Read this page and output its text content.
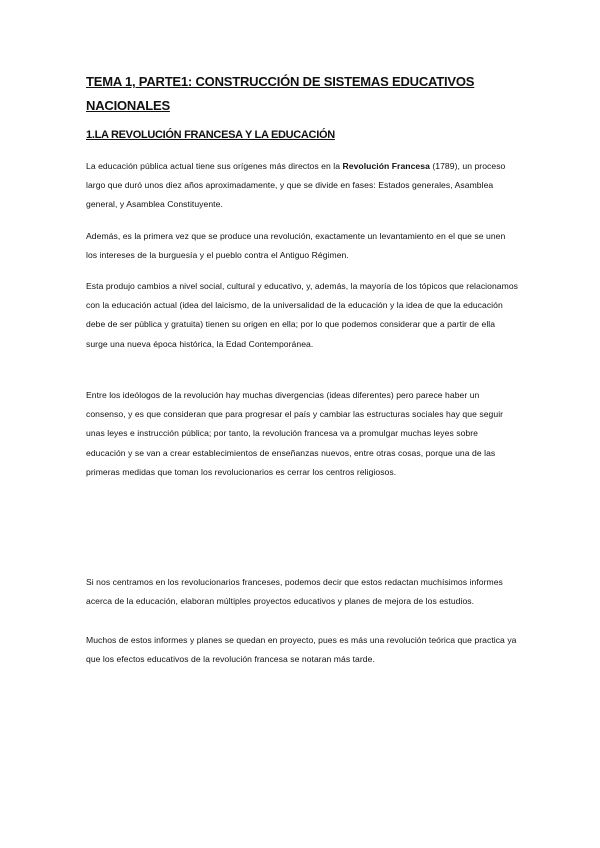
TEMA 1, PARTE1: CONSTRUCCIÓN DE SISTEMAS EDUCATIVOS NACIONALES
1.LA REVOLUCIÓN FRANCESA Y LA EDUCACIÓN

La educación pública actual tiene sus orígenes más directos en la Revolución Francesa (1789), un proceso largo que duró unos diez años aproximadamente, y que se divide en fases: Estados generales, Asamblea general, y Asamblea Constituyente.

Además, es la primera vez que se produce una revolución, exactamente un levantamiento en el que se unen los intereses de la burguesía y el pueblo contra el Antiguo Régimen.

Esta produjo cambios a nivel social, cultural y educativo, y, además, la mayoría de los tópicos que relacionamos con la educación actual (idea del laicismo, de la universalidad de la educación y la idea de que la educación debe de ser pública y gratuita) tienen su origen en ella; por lo que podemos considerar que a partir de ella surge una nueva época histórica, la Edad Contemporánea.

Entre los ideólogos de la revolución hay muchas divergencias (ideas diferentes) pero parece haber un consenso, y es que consideran que para progresar el país y cambiar las estructuras sociales hay que seguir unas leyes e instrucción pública; por tanto, la revolución francesa va a promulgar muchas leyes sobre educación y se van a crear establecimientos de enseñanzas nuevos, entre otras cosas, porque una de las primeras medidas que toman los revolucionarios es cerrar los centros religiosos.

Si nos centramos en los revolucionarios franceses, podemos decir que estos redactan muchísimos informes acerca de la educación, elaboran múltiples proyectos educativos y planes de mejora de los estudios.

Muchos de estos informes y planes se quedan en proyecto, pues es más una revolución teórica que practica ya que los efectos educativos de la revolución francesa se notaran más tarde.
